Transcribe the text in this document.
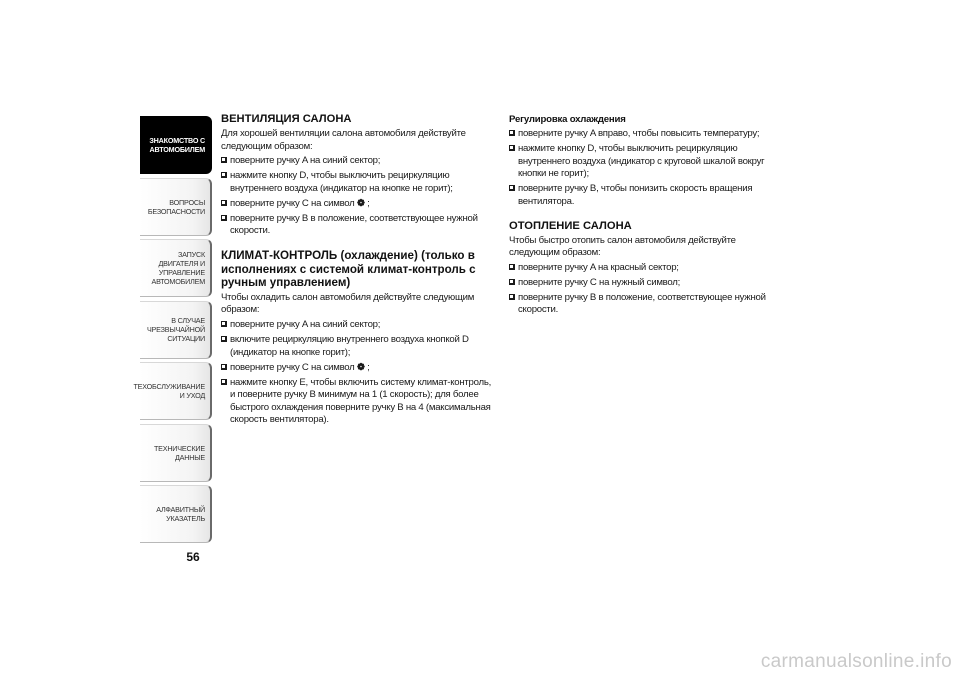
ЗНАКОМСТВО С
АВТОМОБИЛЕМ
ВОПРОСЫ
БЕЗОПАСНОСТИ
ЗАПУСК ДВИГАТЕЛЯ И
УПРАВЛЕНИЕ
АВТОМОБИЛЕМ
В СЛУЧАЕ
ЧРЕЗВЫЧАЙНОЙ
СИТУАЦИИ
ТЕХОБСЛУЖИВАНИЕ
И УХОД
ТЕХНИЧЕСКИЕ
ДАННЫЕ
АЛФАВИТНЫЙ
УКАЗАТЕЛЬ
56
ВЕНТИЛЯЦИЯ САЛОНА

Для хорошей вентиляции салона автомобиля действуйте следующим образом:

поверните ручку A на синий сектор;
нажмите кнопку D, чтобы выключить рециркуляцию внутреннего воздуха (индикатор на кнопке не горит);
поверните ручку C на символ ❁ ;
поверните ручку B в положение, соответствующее нужной скорости.
КЛИМАТ-КОНТРОЛЬ (охлаждение) (только в исполнениях с системой климат-контроль с ручным управлением)

Чтобы охладить салон автомобиля действуйте следующим образом:

поверните ручку A на синий сектор;
включите рециркуляцию внутреннего воздуха кнопкой D (индикатор на кнопке горит);
поверните ручку C на символ ❁ ;
нажмите кнопку E, чтобы включить систему климат-контроль, и поверните ручку B минимум на 1 (1 скорость); для более быстрого охлаждения поверните ручку B на 4 (максимальная скорость вентилятора).
Регулировка охлаждения
поверните ручку A вправо, чтобы повысить температуру;
нажмите кнопку D, чтобы выключить рециркуляцию внутреннего воздуха (индикатор с круговой шкалой вокруг кнопки не горит);
поверните ручку B, чтобы понизить скорость вращения вентилятора.
ОТОПЛЕНИЕ САЛОНА

Чтобы быстро отопить салон автомобиля действуйте следующим образом:

поверните ручку A на красный сектор;
поверните ручку C на нужный символ;
поверните ручку B в положение, соответствующее нужной скорости.
carmanualsonline.info
